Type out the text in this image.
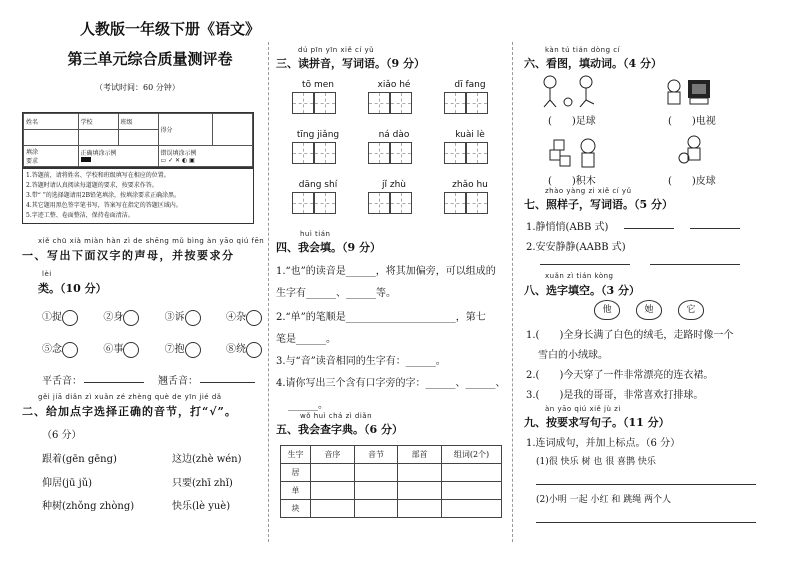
人教版一年级下册《语文》
第三单元综合质量测评卷
（考试时间：60 分钟）
姓名	学校	班级	得分	

填涂
要求	正确填涂示例		错误填涂示例
▭ ✓ ✕ ◐ ▣	
1.答题前，请将姓名、学校和班级填写在相应的位置。
2.答题时请认真阅读每道题的要求，按要求作答。
3.带“ ”的选择题请用2B铅笔填涂，按填涂要求正确涂黑。
4.其它题用黑色签字笔书写，答案写在指定的答题区域内。
5.字迹工整、卷面整洁，保持卷面清洁。
xiě chū xià miàn hàn zì de shēng mǔ bìng àn yāo qiú fēn
一、写出下面汉字的声母，并按要求分
lèi
类。（10 分）
①捉	②身	③诉	④杂
⑤念	⑥事	⑦抱	⑧绕
平舌音：	翘舌音：
gěi jiā diǎn zì xuǎn zé zhèng què de yīn jié dǎ
二、给加点字选择正确的音节，打“√”。
（6 分）
跟着(gēn gēng)	这边(zhè wén)
仰居(jū jǔ)	只要(zhī zhǐ)
种树(zhǒng zhòng)	快乐(lè yuè)
dú pīn yīn xiě cí yǔ
三、读拼音，写词语。（9 分）
tō men	xiǎo hé	dī fang
tīng jiǎng	ná dào	kuài lè
dāng shí	jǐ zhù	zhǎo hu
huì tián
四、我会填。（9 分）
1.“也”的读音是______，将其加偏旁，可以组成的
生字有______、______等。
2.“单”的笔顺是______________________，第七
笔是______。
3.与“音”读音相同的生字有：______。
4.请你写出三个含有口字旁的字：______、______、
______。
wǒ huì chá zì diǎn
五、我会查字典。（6 分）
生字	音序	音节	部首	组词(2个)
居				
单				
块				
kàn tú tián dòng cí
六、看图，填动词。（4 分）
(　　)足球	(　　)电视
(　　)积木	(　　)皮球
zhào yàng zi xiě cí yǔ
七、照样子，写词语。（5 分）
1.静悄悄(ABB 式)
2.安安静静(AABB 式)
xuǎn zì tián kòng
八、选字填空。（3 分）
他	她	它
1.(　　)全身长满了白色的绒毛，走路时像一个
雪白的小绒球。
2.(　　)今天穿了一件非常漂亮的连衣裙。
3.(　　)是我的哥哥，非常喜欢打排球。
àn yāo qiú xiě jù zi
九、按要求写句子。（11 分）
1.连词成句，并加上标点。（6 分）
(1)很 快乐 树 也 很 喜鹊 快乐
(2)小明 一起 小红 和 跳绳 两个人
